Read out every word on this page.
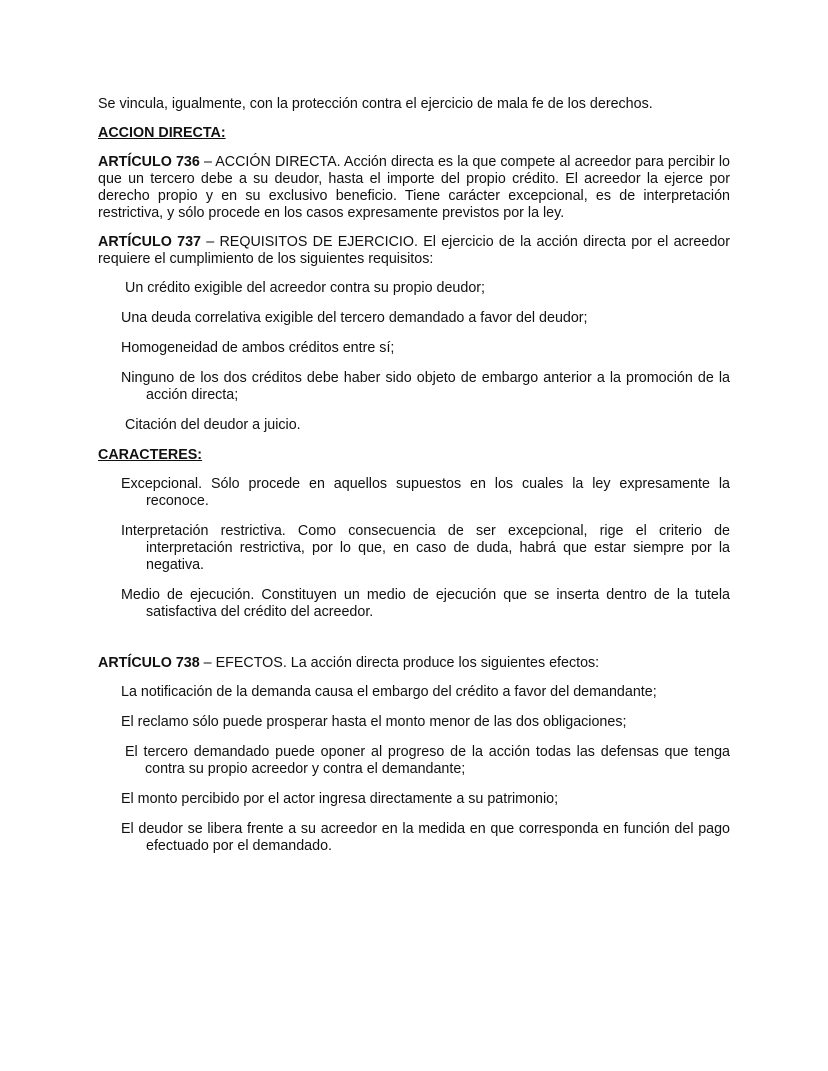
Se vincula, igualmente, con la protección contra el ejercicio de mala fe de los derechos.

ACCION DIRECTA:

ARTÍCULO 736 – ACCIÓN DIRECTA. Acción directa es la que compete al acreedor para percibir lo que un tercero debe a su deudor, hasta el importe del propio crédito. El acreedor la ejerce por derecho propio y en su exclusivo beneficio. Tiene carácter excepcional, es de interpretación restrictiva, y sólo procede en los casos expresamente previstos por la ley.

ARTÍCULO 737 – REQUISITOS DE EJERCICIO. El ejercicio de la acción directa por el acreedor requiere el cumplimiento de los siguientes requisitos:

Un crédito exigible del acreedor contra su propio deudor;

Una deuda correlativa exigible del tercero demandado a favor del deudor;

Homogeneidad de ambos créditos entre sí;

Ninguno de los dos créditos debe haber sido objeto de embargo anterior a la promoción de la acción directa;

Citación del deudor a juicio.

CARACTERES:

Excepcional. Sólo procede en aquellos supuestos en los cuales la ley expresamente la reconoce.

Interpretación restrictiva. Como consecuencia de ser excepcional, rige el criterio de interpretación restrictiva, por lo que, en caso de duda, habrá que estar siempre por la negativa.

Medio de ejecución. Constituyen un medio de ejecución que se inserta dentro de la tutela satisfactiva del crédito del acreedor.

ARTÍCULO 738 – EFECTOS. La acción directa produce los siguientes efectos:

La notificación de la demanda causa el embargo del crédito a favor del demandante;

El reclamo sólo puede prosperar hasta el monto menor de las dos obligaciones;

El tercero demandado puede oponer al progreso de la acción todas las defensas que tenga contra su propio acreedor y contra el demandante;

El monto percibido por el actor ingresa directamente a su patrimonio;

El deudor se libera frente a su acreedor en la medida en que corresponda en función del pago efectuado por el demandado.
